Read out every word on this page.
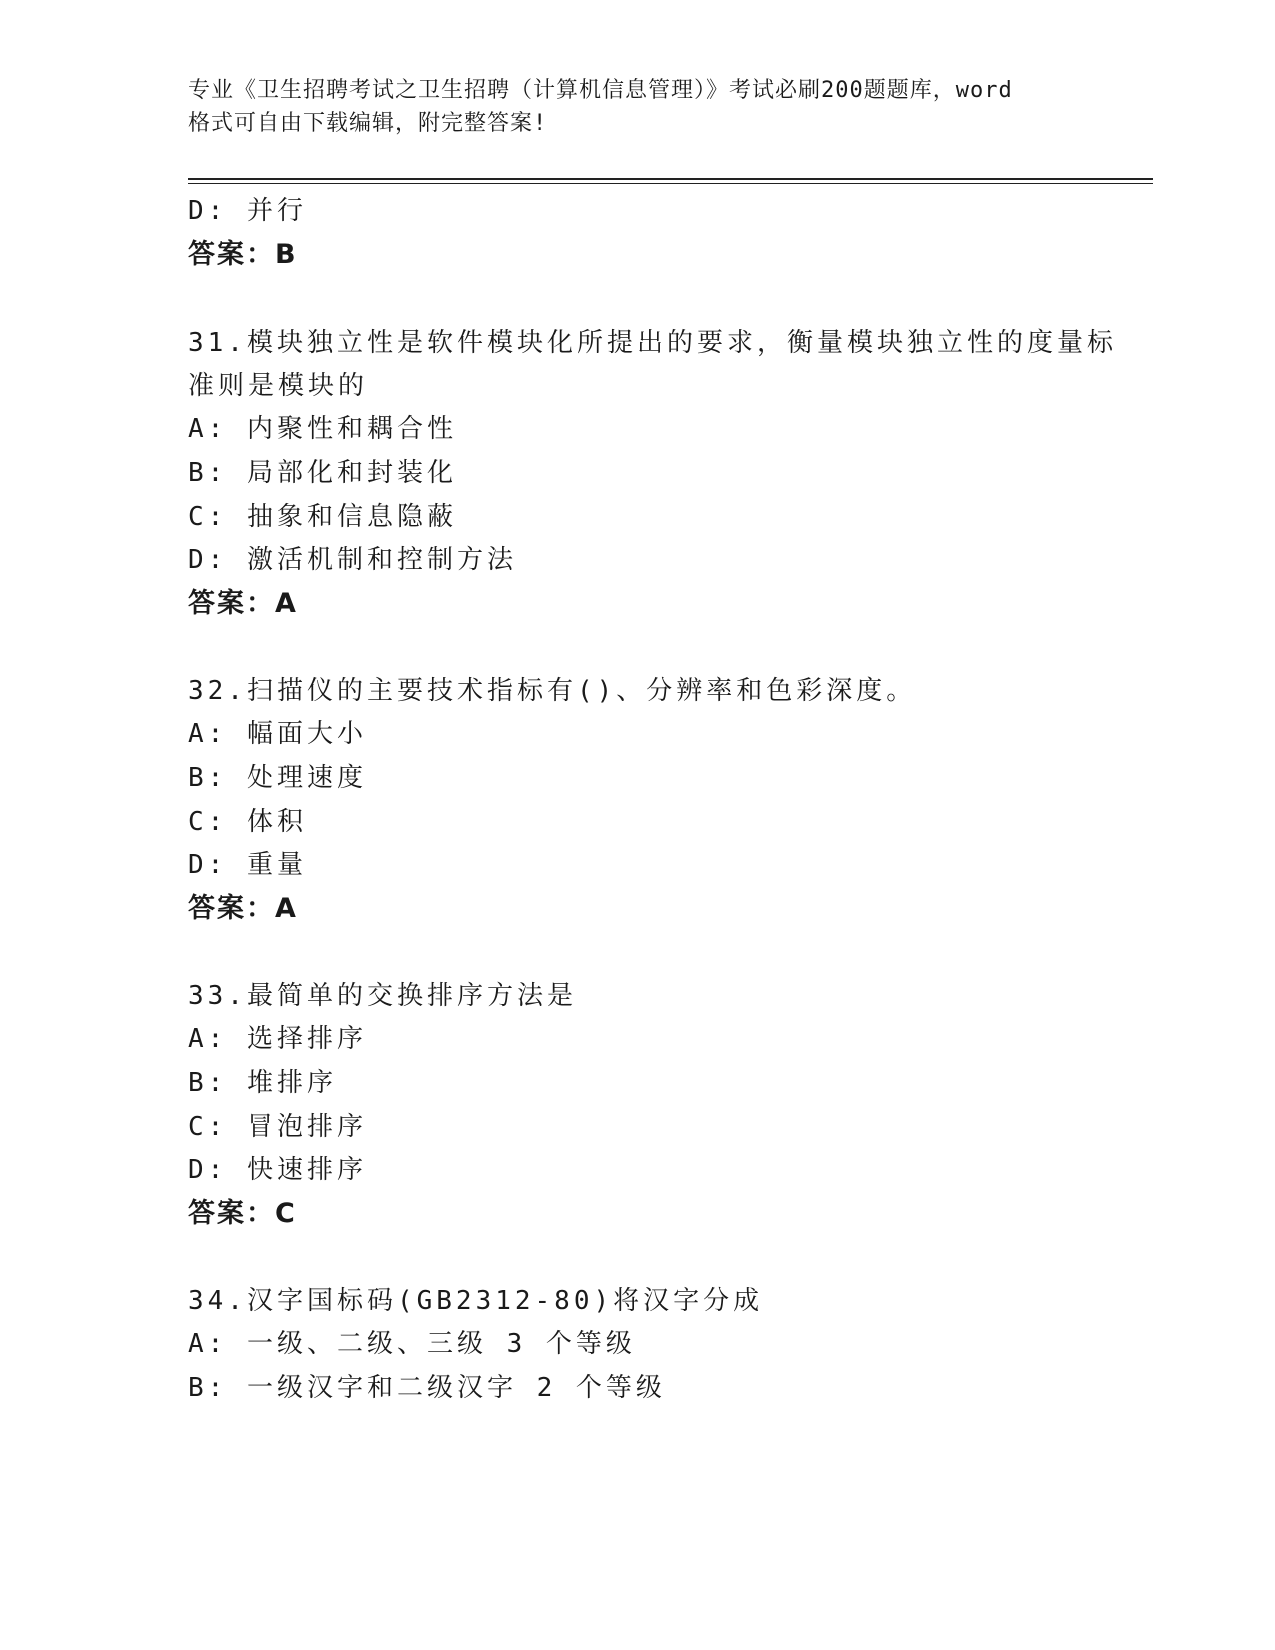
专业《卫生招聘考试之卫生招聘（计算机信息管理）》考试必刷200题题库，word
格式可自由下载编辑，附完整答案!
D: 并行
答案：B
31.模块独立性是软件模块化所提出的要求，衡量模块独立性的度量标
准则是模块的
A: 内聚性和耦合性
B: 局部化和封装化
C: 抽象和信息隐蔽
D: 激活机制和控制方法
答案：A
32.扫描仪的主要技术指标有()、分辨率和色彩深度。
A: 幅面大小
B: 处理速度
C: 体积
D: 重量
答案：A
33.最简单的交换排序方法是
A: 选择排序
B: 堆排序
C: 冒泡排序
D: 快速排序
答案：C
34.汉字国标码(GB2312-80)将汉字分成
A: 一级、二级、三级 3 个等级
B: 一级汉字和二级汉字 2 个等级
